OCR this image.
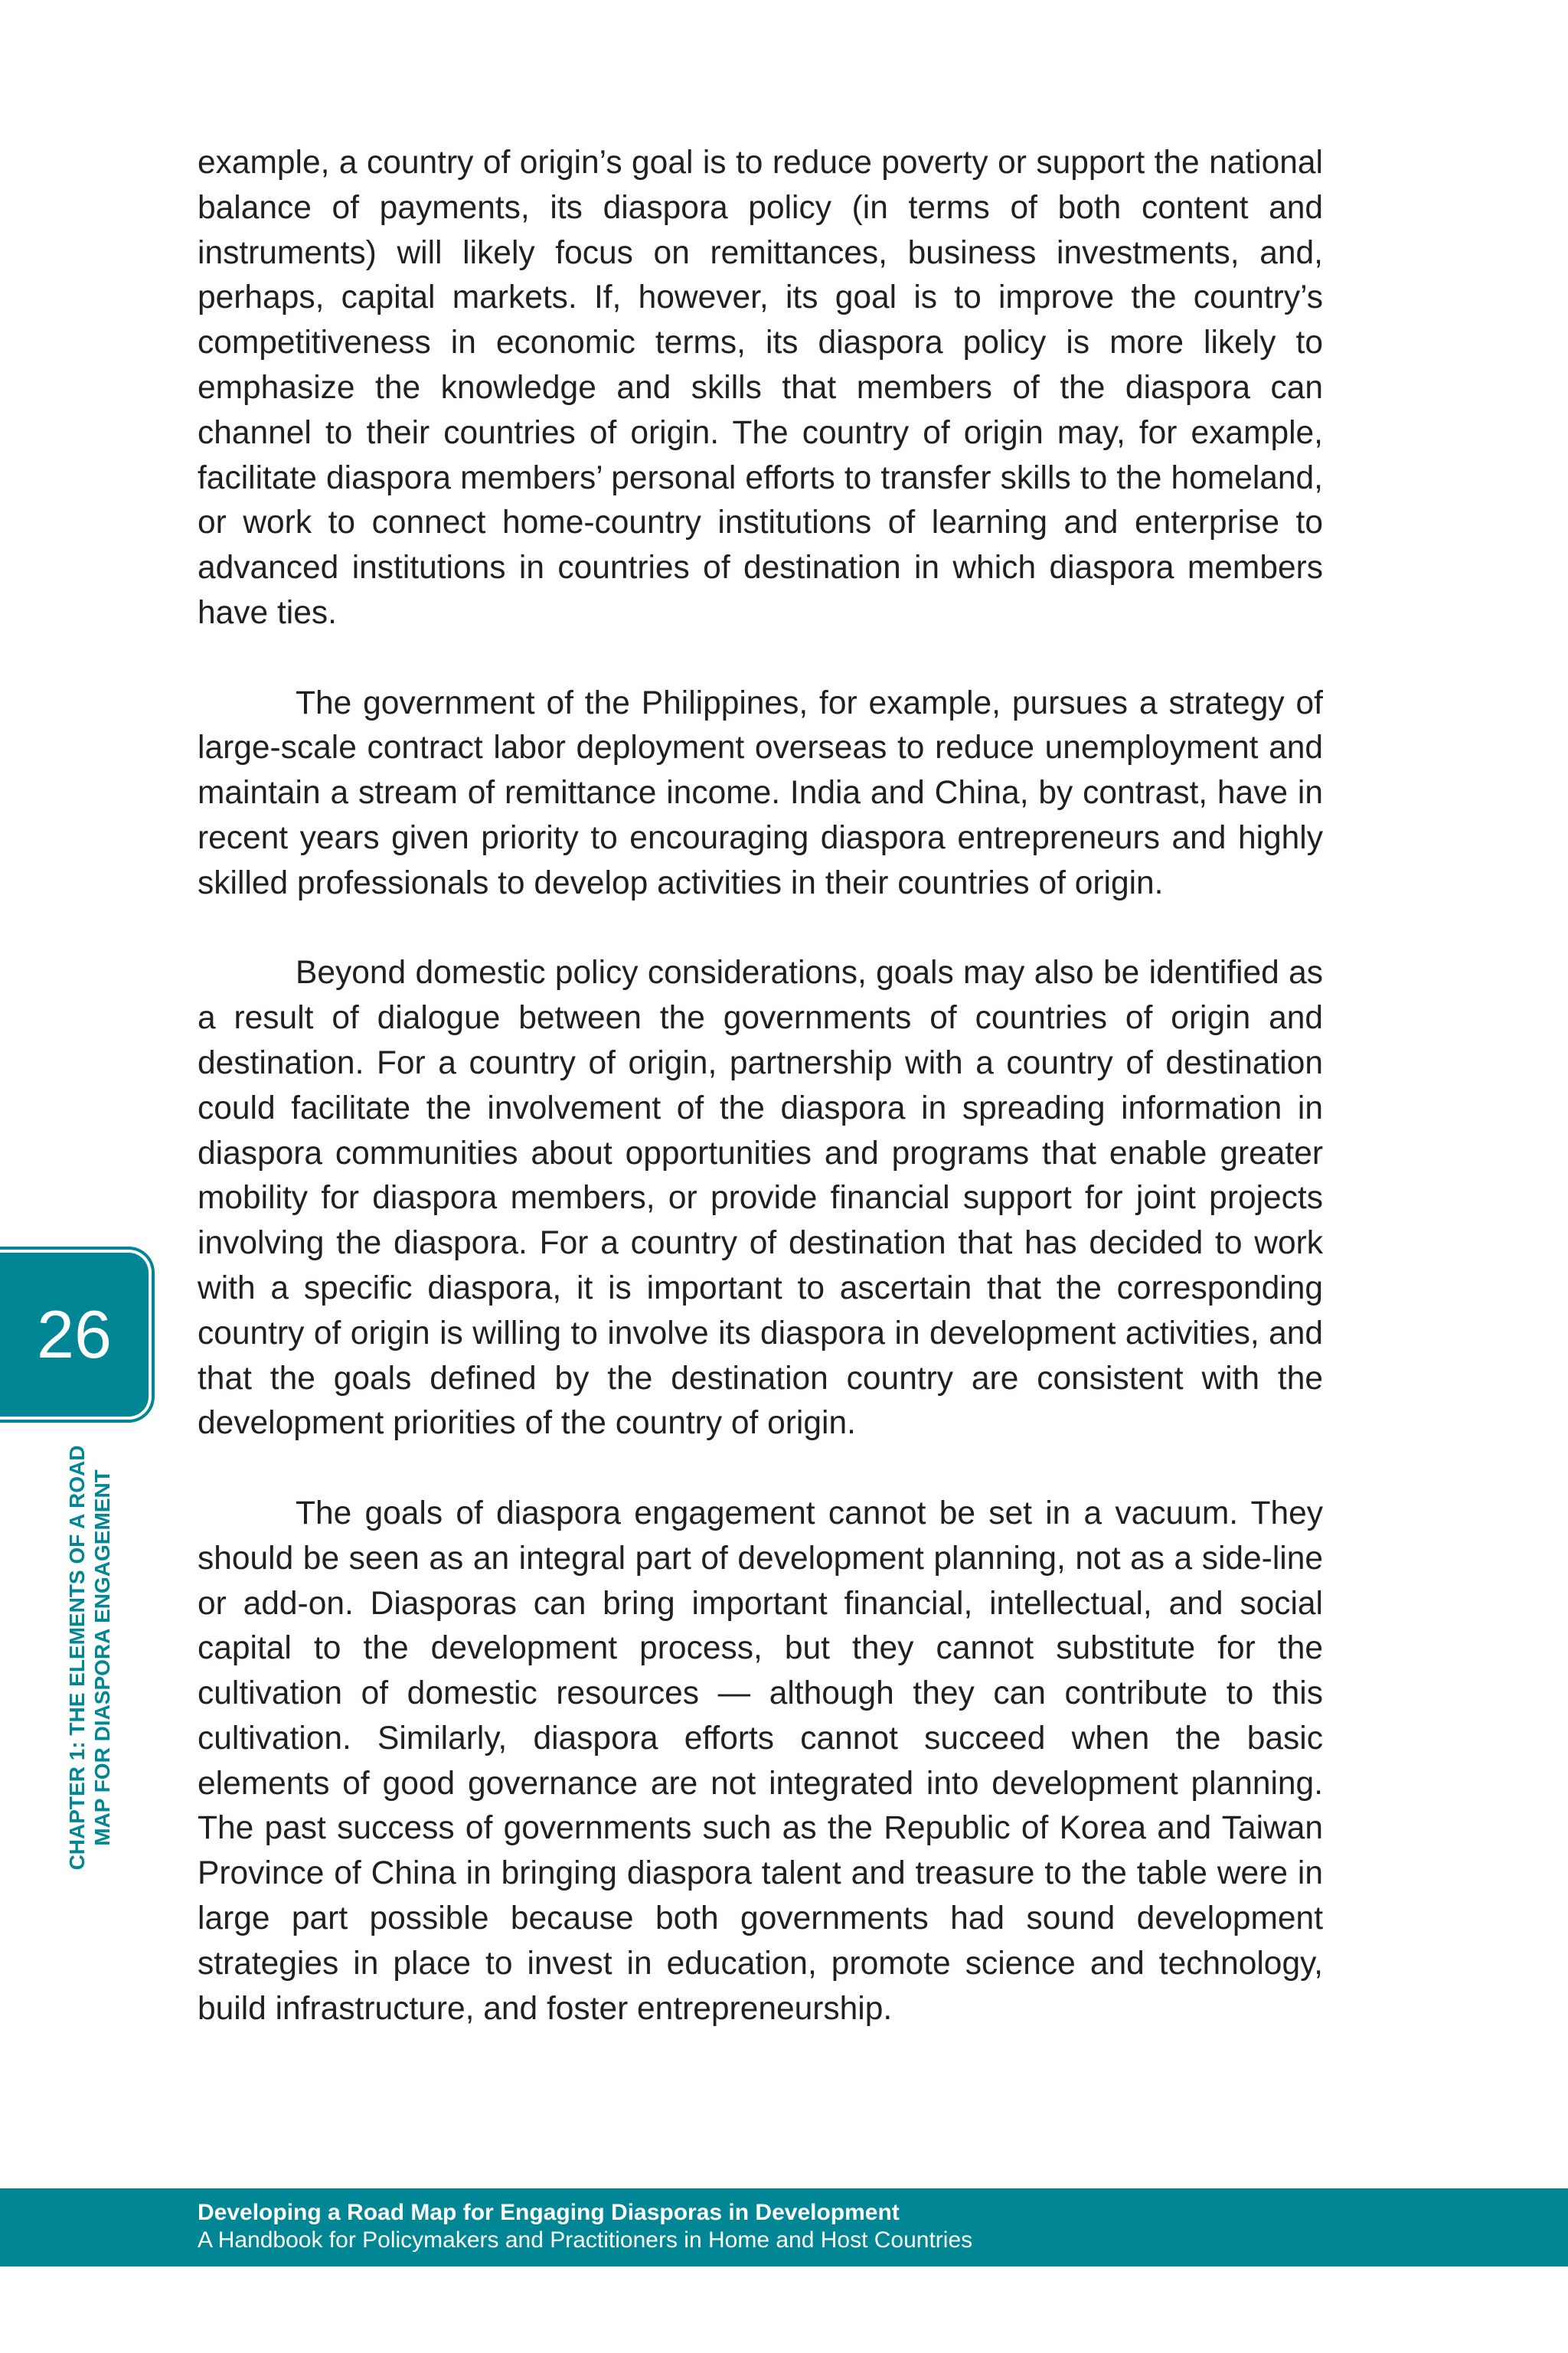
example, a country of origin’s goal is to reduce poverty or support the national balance of payments, its diaspora policy (in terms of both content and instruments) will likely focus on remittances, business investments, and, perhaps, capital markets. If, however, its goal is to improve the country’s competitiveness in economic terms, its diaspora policy is more likely to emphasize the knowledge and skills that members of the diaspora can channel to their countries of origin. The country of origin may, for example, facilitate diaspora members’ personal efforts to transfer skills to the homeland, or work to connect home-country institutions of learning and enterprise to advanced institutions in countries of destination in which diaspora members have ties.

The government of the Philippines, for example, pursues a strategy of large-scale contract labor deployment overseas to reduce unemployment and maintain a stream of remittance income. India and China, by contrast, have in recent years given priority to encouraging diaspora entrepreneurs and highly skilled professionals to develop activities in their countries of origin.

Beyond domestic policy considerations, goals may also be identified as a result of dialogue between the governments of countries of origin and destination. For a country of origin, partnership with a country of destination could facilitate the involvement of the diaspora in spreading information in diaspora communities about opportunities and programs that enable greater mobility for diaspora members, or provide financial support for joint projects involving the diaspora. For a country of destination that has decided to work with a specific diaspora, it is important to ascertain that the corresponding country of origin is willing to involve its diaspora in development activities, and that the goals defined by the destination country are consistent with the development priorities of the country of origin.

The goals of diaspora engagement cannot be set in a vacuum. They should be seen as an integral part of development planning, not as a side-line or add-on. Diasporas can bring important financial, intellectual, and social capital to the development process, but they cannot substitute for the cultivation of domestic resources — although they can contribute to this cultivation. Similarly, diaspora efforts cannot succeed when the basic elements of good governance are not integrated into development planning. The past success of governments such as the Republic of Korea and Taiwan Province of China in bringing diaspora talent and treasure to the table were in large part possible because both governments had sound development strategies in place to invest in education, promote science and technology, build infrastructure, and foster entrepreneurship.

26
CHAPTER 1: THE ELEMENTS OF A ROAD MAP FOR DIASPORA ENGAGEMENT
Developing a Road Map for Engaging Diasporas in Development
A Handbook for Policymakers and Practitioners in Home and Host Countries
